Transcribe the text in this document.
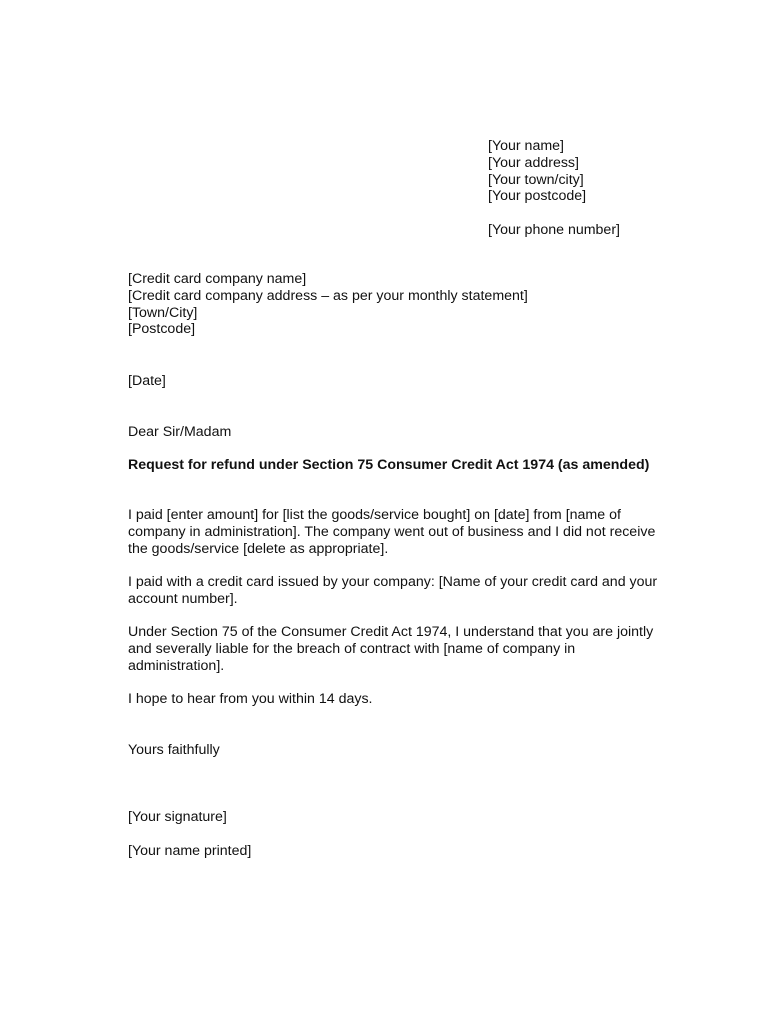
[Your name]
[Your address]
[Your town/city]
[Your postcode]
[Your phone number]
[Credit card company name]
[Credit card company address – as per your monthly statement]
[Town/City]
[Postcode]
[Date]
Dear Sir/Madam
Request for refund under Section 75 Consumer Credit Act 1974 (as amended)
I paid [enter amount] for [list the goods/service bought] on [date] from [name of company in administration]. The company went out of business and I did not receive the goods/service [delete as appropriate].
I paid with a credit card issued by your company: [Name of your credit card and your account number].
Under Section 75 of the Consumer Credit Act 1974, I understand that you are jointly and severally liable for the breach of contract with [name of company in administration].
I hope to hear from you within 14 days.
Yours faithfully
[Your signature]
[Your name printed]
